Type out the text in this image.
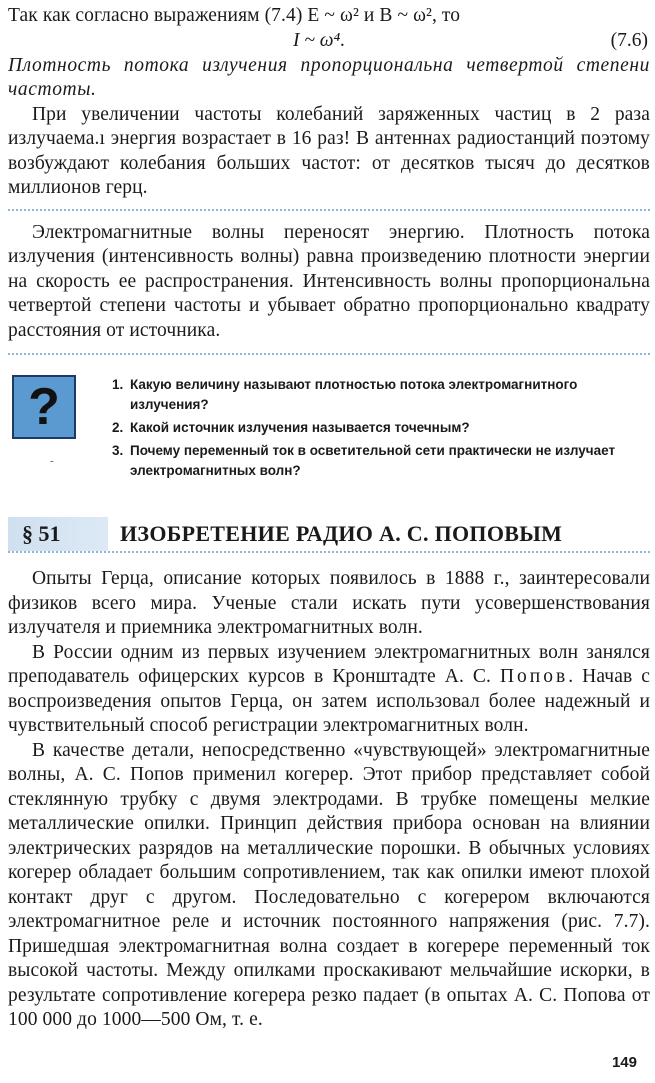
Так как согласно выражениям (7.4) E ~ ω² и B ~ ω², то

I ~ ω⁴.	(7.6)

Плотность потока излучения пропорциональна четвертой степени частоты.

При увеличении частоты колебаний заряженных частиц в 2 раза излучаема.ı энергия возрастает в 16 раз! В антеннах радиостанций поэтому возбуждают колебания больших частот: от десятков тысяч до десятков миллионов герц.

Электромагнитные волны переносят энергию. Плотность потока излучения (интенсивность волны) равна произведению плотности энергии на скорость ее распространения. Интенсивность волны пропорциональна четвертой степени частоты и убывает обратно пропорционально квадрату расстояния от источника.

?
-
1. Какую величину называют плотностью потока электромагнитного излучения?
2. Какой источник излучения называется точечным?
3. Почему переменный ток в осветительной сети практически не излучает электромагнитных волн?
§ 51	ИЗОБРЕТЕНИЕ РАДИО А. С. ПОПОВЫМ

Опыты Герца, описание которых появилось в 1888 г., заинтересовали физиков всего мира. Ученые стали искать пути усовершенствования излучателя и приемника электромагнитных волн.

В России одним из первых изучением электромагнитных волн занялся преподаватель офицерских курсов в Кронштадте А. С. Попов. Начав с воспроизведения опытов Герца, он затем использовал более надежный и чувствительный способ регистрации электромагнитных волн.

В качестве детали, непосредственно «чувствующей» электромагнитные волны, А. С. Попов применил когерер. Этот прибор представляет собой стеклянную трубку с двумя электродами. В трубке помещены мелкие металлические опилки. Принцип действия прибора основан на влиянии электрических разрядов на металлические порошки. В обычных условиях когерер обладает большим сопротивлением, так как опилки имеют плохой контакт друг с другом. Последовательно с когерером включаются электромагнитное реле и источник постоянного напряжения (рис. 7.7). Пришедшая электромагнитная волна создает в когерере переменный ток высокой частоты. Между опилками проскакивают мельчайшие искорки, в результате сопротивление когерера резко падает (в опытах А. С. Попова от 100 000 до 1000—500 Ом, т. е.

149
